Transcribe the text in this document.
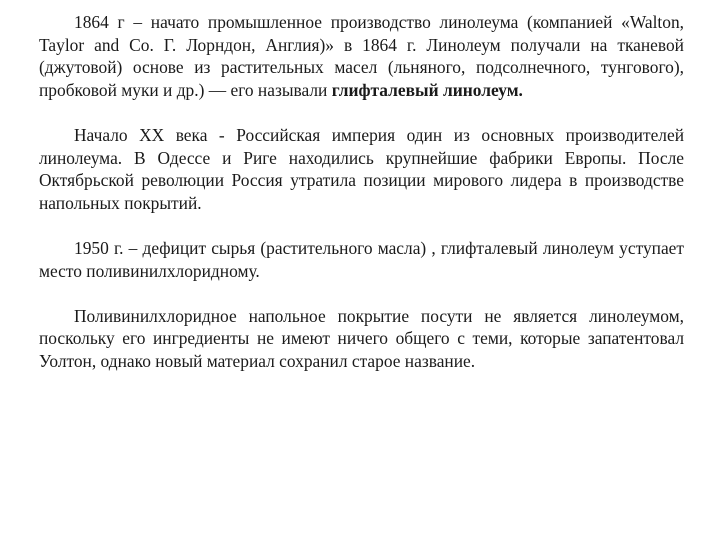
1864 г – начато промышленное производство линолеума (компанией «Walton, Taylor and Co. Г. Лорндон, Англия)» в 1864 г. Линолеум получали на тканевой (джутовой) основе из растительных масел (льняного, подсолнечного, тунгового), пробковой муки и др.) — его называли глифталевый линолеум.

Начало XX века - Российская империя один из основных производителей линолеума. В Одессе и Риге находились крупнейшие фабрики Европы. После Октябрьской революции Россия утратила позиции мирового лидера в производстве напольных покрытий.

1950 г. – дефицит сырья (растительного масла) , глифталевый линолеум уступает место поливинилхлоридному.

Поливинилхлоридное напольное покрытие посути не является линолеумом, поскольку его ингредиенты не имеют ничего общего с теми, которые запатентовал Уолтон, однако новый материал сохранил старое название.
